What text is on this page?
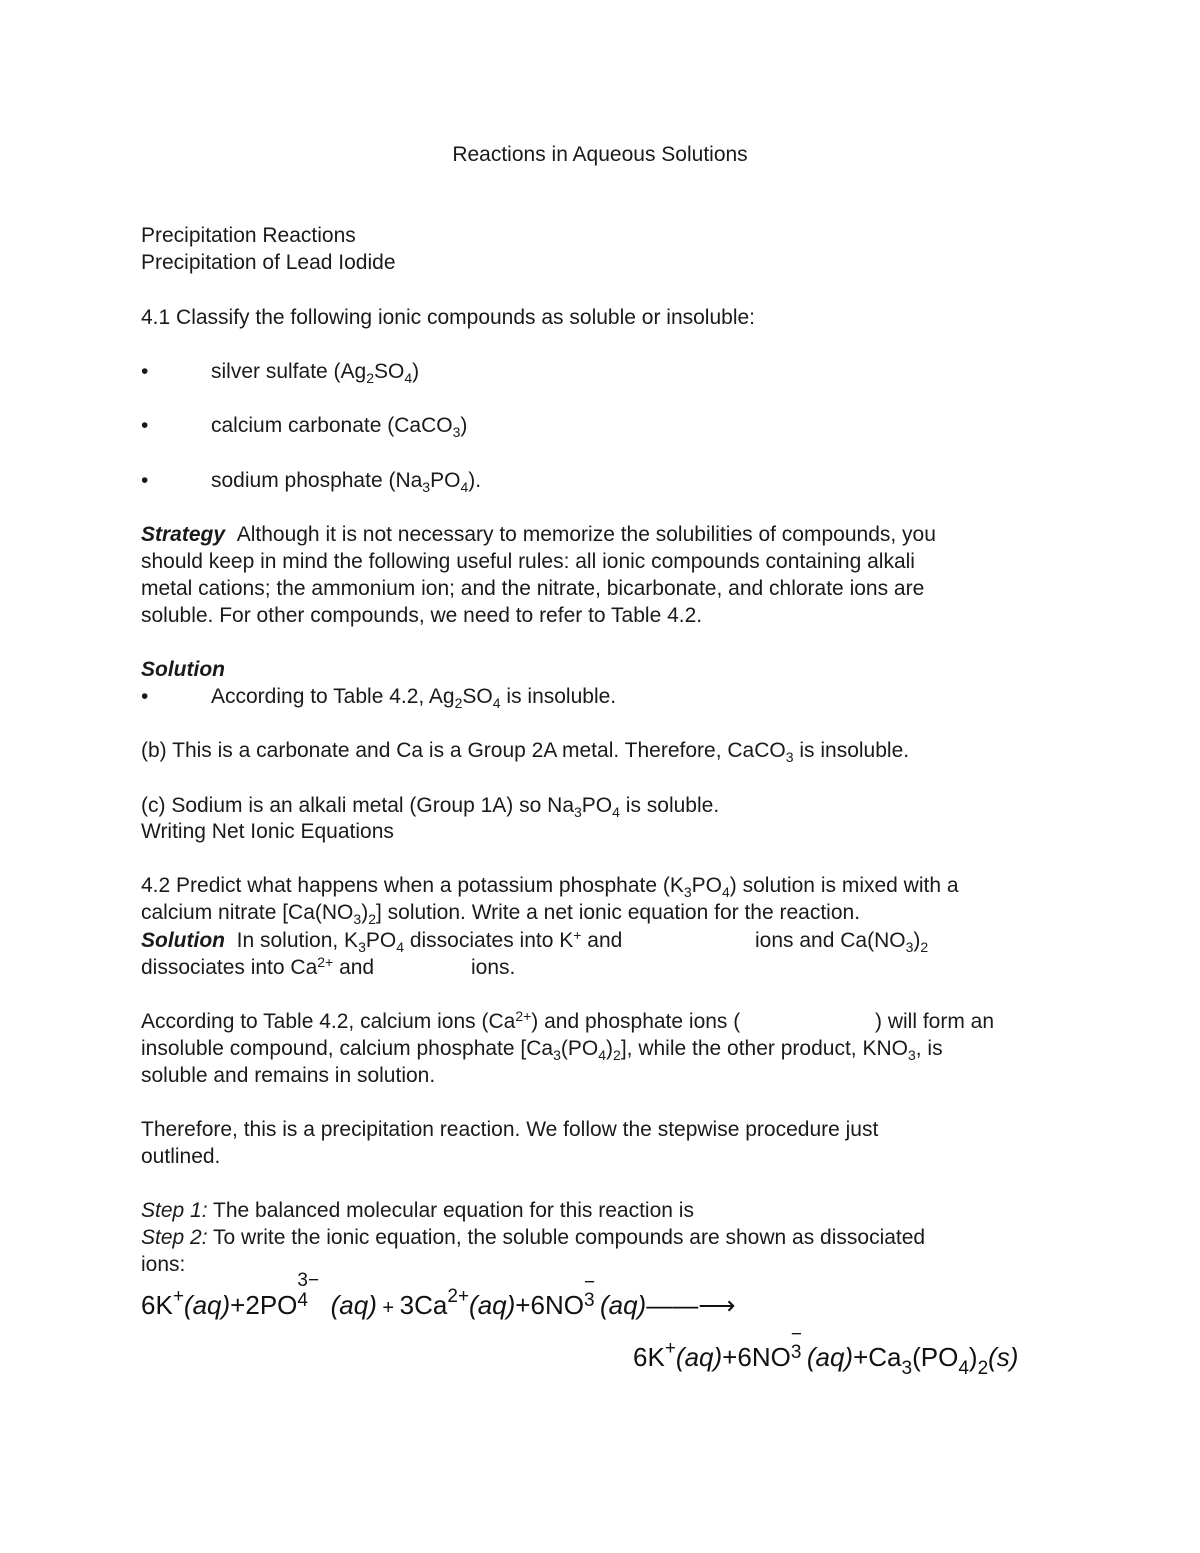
Reactions in Aqueous Solutions
Precipitation Reactions
Precipitation of Lead Iodide
4.1 Classify the following ionic compounds as soluble or insoluble:
•	silver sulfate $(Ag_2SO_4)$
•	calcium carbonate (CaCO$_3$)
•	sodium phosphate $(Na_3PO_4)$.
Strategy Although it is not necessary to memorize the solubilities of compounds, you
should keep in mind the following useful rules: all ionic compounds containing alkali
metal cations; the ammonium ion; and the nitrate, bicarbonate, and chlorate ions are
soluble. For other compounds, we need to refer to Table 4.2.
Solution
•	According to Table 4.2, $Ag_2SO_4$ is insoluble.
(b) This is a carbonate and Ca is a Group 2A metal. Therefore, CaCO$_3$ is insoluble.
(c) Sodium is an alkali metal (Group 1A) so $Na_3PO_4$ is soluble.
Writing Net Ionic Equations
4.2 Predict what happens when a potassium phosphate $(K_3PO_4)$ solution is mixed with a
calcium nitrate $[Ca(NO_3)_2]$ solution. Write a net ionic equation for the reaction.
Solution In solution, $K_3PO_4$ dissociates into K+ and	ions and $Ca(NO_3)_2$
dissociates into $Ca^{2+}$ and	ions.
According to Table 4.2, calcium ions $(Ca^{2+})$ and phosphate ions (	) will form an
insoluble compound, calcium phosphate $[Ca_3(PO_4)_2]$, while the other product, $KNO_3$, is
soluble and remains in solution.
Therefore, this is a precipitation reaction. We follow the stepwise procedure just
outlined.
Step 1: The balanced molecular equation for this reaction is
Step 2: To write the ionic equation, the soluble compounds are shown as dissociated
ions:
6K+(aq)+2PO
3−
4 $(aq) + 3Ca^{2+}(aq)+6NO$
−
3 (aq)——⟶
6K+(aq)+6NO
−
3 $(aq)+Ca_3(PO_4)_2(s)$
